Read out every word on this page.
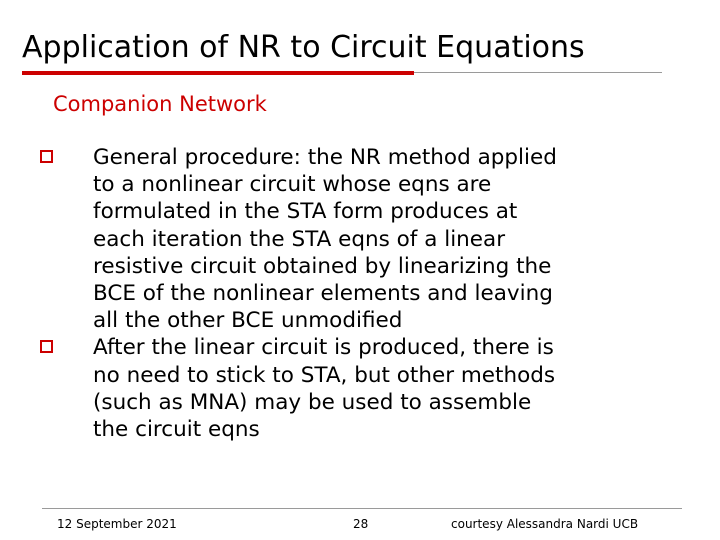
Application of NR to Circuit Equations
Companion Network
General procedure: the NR method applied
to a nonlinear circuit whose eqns are
formulated in the STA form produces at
each iteration the STA eqns of a linear
resistive circuit obtained by linearizing the
BCE of the nonlinear elements and leaving
all the other BCE unmodified
After the linear circuit is produced, there is
no need to stick to STA, but other methods
(such as MNA) may be used to assemble
the circuit eqns
12 September 2021	28	courtesy Alessandra Nardi UCB
